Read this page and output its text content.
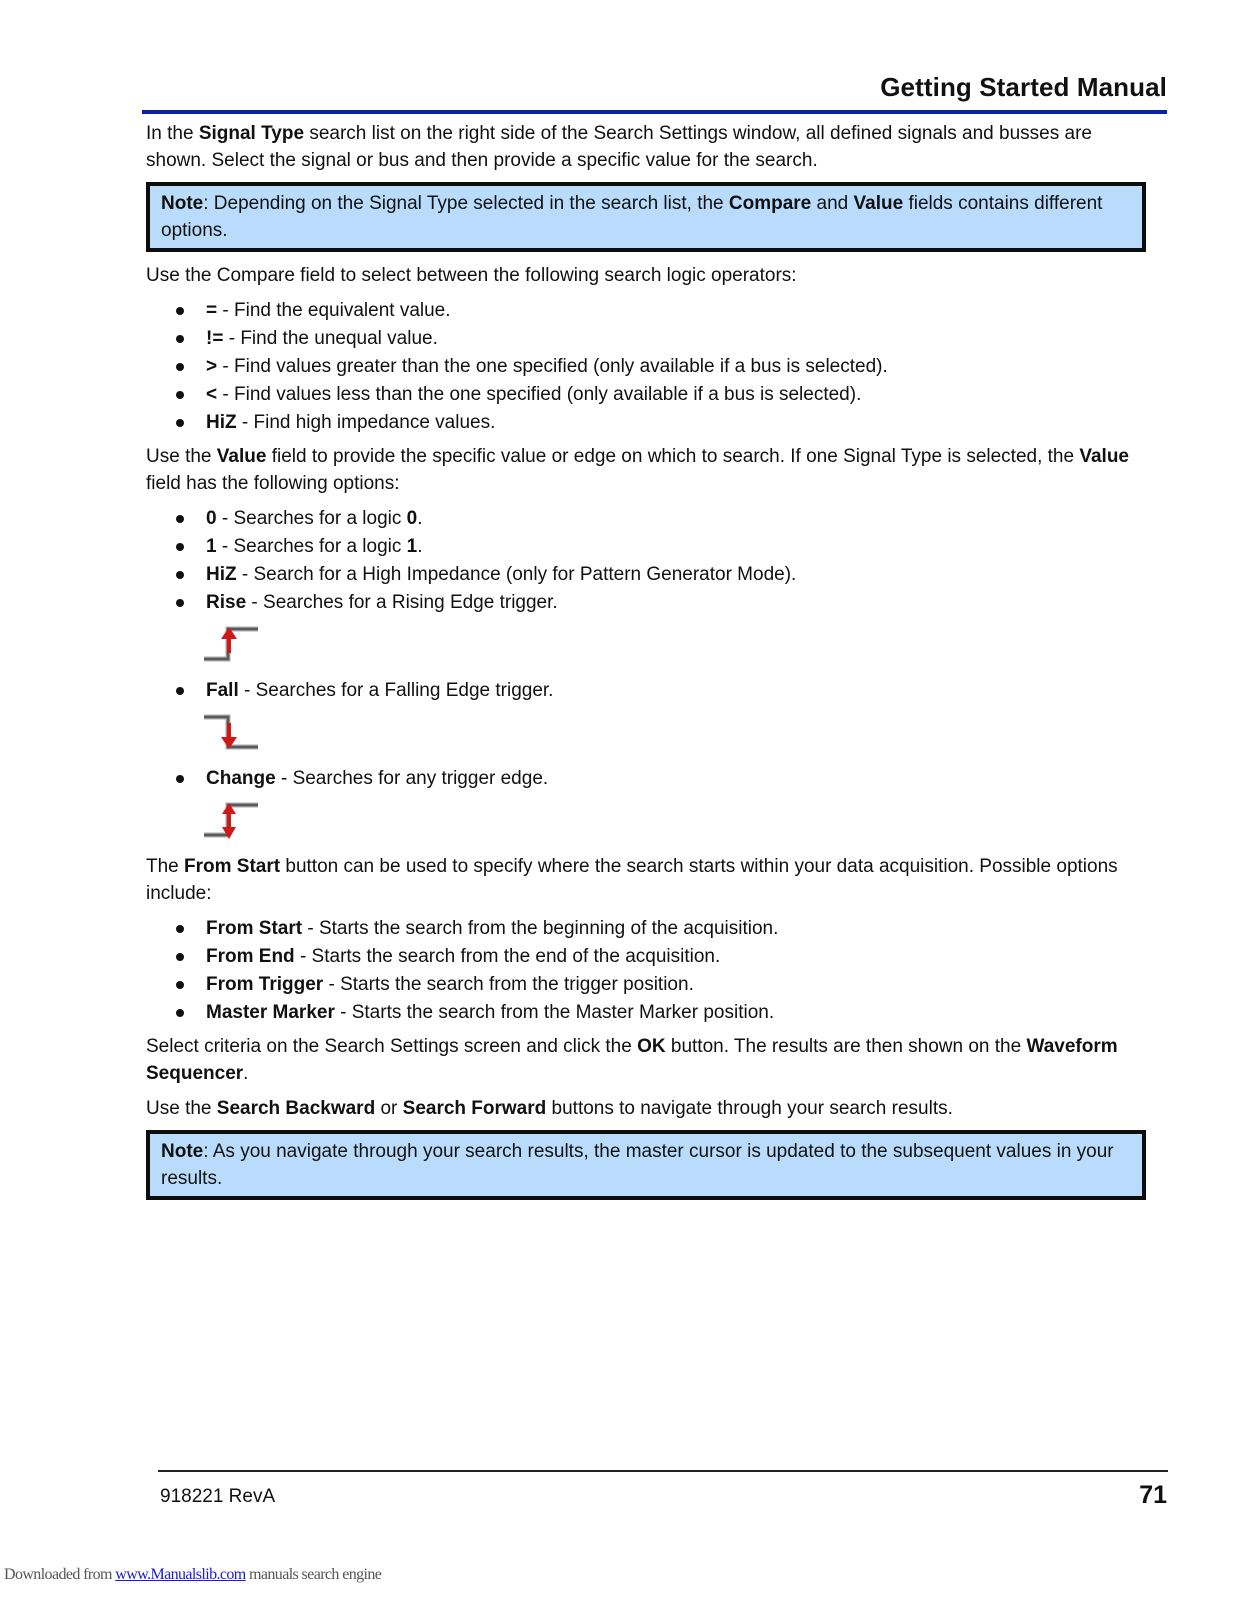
Getting Started Manual

In the Signal Type search list on the right side of the Search Settings window, all defined signals and busses are shown. Select the signal or bus and then provide a specific value for the search.

Note: Depending on the Signal Type selected in the search list, the Compare and Value fields contains different options.

Use the Compare field to select between the following search logic operators:

= - Find the equivalent value.
!= - Find the unequal value.
> - Find values greater than the one specified (only available if a bus is selected).
< - Find values less than the one specified (only available if a bus is selected).
HiZ - Find high impedance values.

Use the Value field to provide the specific value or edge on which to search. If one Signal Type is selected, the Value field has the following options:

0 - Searches for a logic 0.
1 - Searches for a logic 1.
HiZ - Search for a High Impedance (only for Pattern Generator Mode).
Rise - Searches for a Rising Edge trigger.
Fall - Searches for a Falling Edge trigger.
Change - Searches for any trigger edge.

The From Start button can be used to specify where the search starts within your data acquisition. Possible options include:

From Start - Starts the search from the beginning of the acquisition.
From End - Starts the search from the end of the acquisition.
From Trigger - Starts the search from the trigger position.
Master Marker - Starts the search from the Master Marker position.

Select criteria on the Search Settings screen and click the OK button. The results are then shown on the Waveform Sequencer.

Use the Search Backward or Search Forward buttons to navigate through your search results.

Note: As you navigate through your search results, the master cursor is updated to the subsequent values in your results.
918221 RevA	71
Downloaded from www.Manualslib.com manuals search engine
